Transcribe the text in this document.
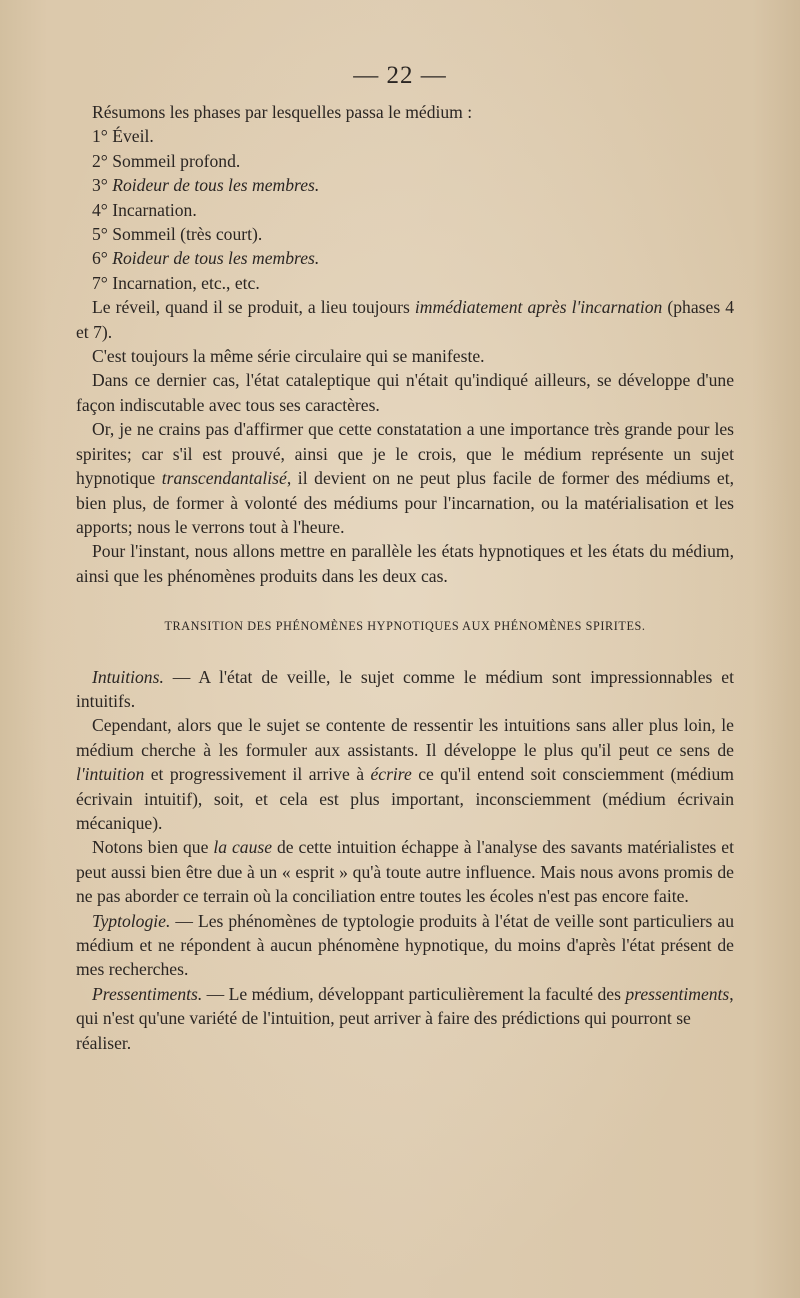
— 22 —

Résumons les phases par lesquelles passa le médium :

1° Éveil.

2° Sommeil profond.

3° Roideur de tous les membres.

4° Incarnation.

5° Sommeil (très court).

6° Roideur de tous les membres.

7° Incarnation, etc., etc.

Le réveil, quand il se produit, a lieu toujours immédiatement après l'incarnation (phases 4 et 7).

C'est toujours la même série circulaire qui se manifeste.

Dans ce dernier cas, l'état cataleptique qui n'était qu'indiqué ailleurs, se développe d'une façon indiscutable avec tous ses caractères.

Or, je ne crains pas d'affirmer que cette constatation a une importance très grande pour les spirites; car s'il est prouvé, ainsi que je le crois, que le médium représente un sujet hypnotique transcendantalisé, il devient on ne peut plus facile de former des médiums et, bien plus, de former à volonté des médiums pour l'incarnation, ou la matérialisation et les apports; nous le verrons tout à l'heure.

Pour l'instant, nous allons mettre en parallèle les états hypnotiques et les états du médium, ainsi que les phénomènes produits dans les deux cas.

TRANSITION DES PHÉNOMÈNES HYPNOTIQUES AUX PHÉNOMÈNES SPIRITES.

Intuitions. — A l'état de veille, le sujet comme le médium sont impressionnables et intuitifs.

Cependant, alors que le sujet se contente de ressentir les intuitions sans aller plus loin, le médium cherche à les formuler aux assistants. Il développe le plus qu'il peut ce sens de l'intuition et progressivement il arrive à écrire ce qu'il entend soit consciemment (médium écrivain intuitif), soit, et cela est plus important, inconsciemment (médium écrivain mécanique).

Notons bien que la cause de cette intuition échappe à l'analyse des savants matérialistes et peut aussi bien être due à un « esprit » qu'à toute autre influence. Mais nous avons promis de ne pas aborder ce terrain où la conciliation entre toutes les écoles n'est pas encore faite.

Typtologie. — Les phénomènes de typtologie produits à l'état de veille sont particuliers au médium et ne répondent à aucun phénomène hypnotique, du moins d'après l'état présent de mes recherches.

Pressentiments. — Le médium, développant particulièrement la faculté des pressentiments, qui n'est qu'une variété de l'intuition, peut arriver à faire des prédictions qui pourront se réaliser.
